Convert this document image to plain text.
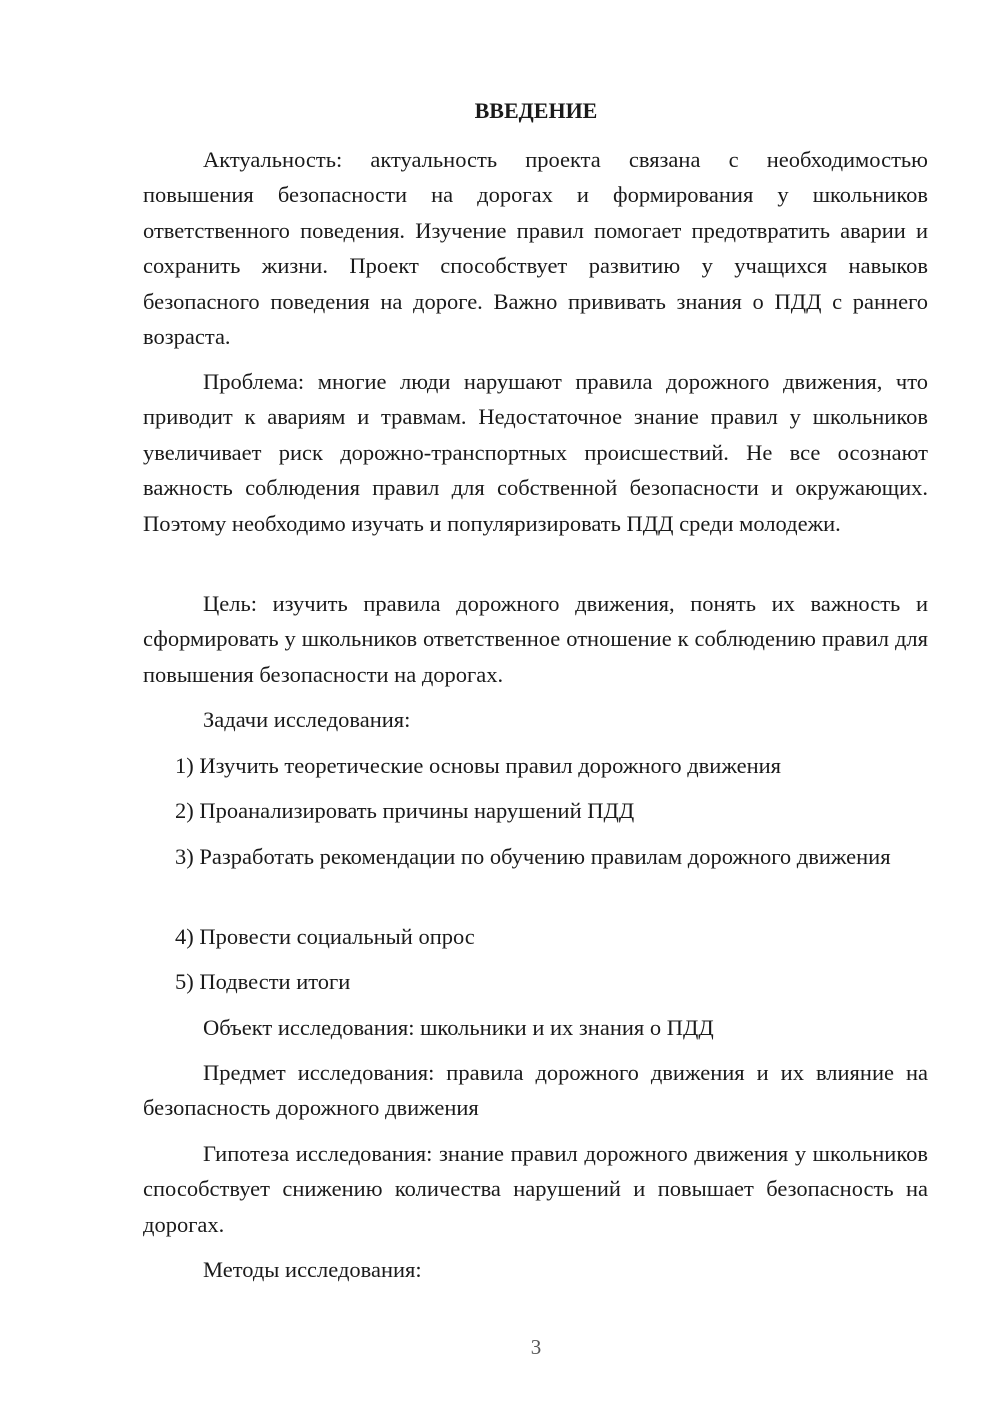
ВВЕДЕНИЕ

Актуальность: актуальность проекта связана с необходимостью повышения безопасности на дорогах и формирования у школьников ответственного поведения. Изучение правил помогает предотвратить аварии и сохранить жизни. Проект способствует развитию у учащихся навыков безопасного поведения на дороге. Важно прививать знания о ПДД с раннего возраста.

Проблема: многие люди нарушают правила дорожного движения, что приводит к авариям и травмам. Недостаточное знание правил у школьников увеличивает риск дорожно-транспортных происшествий. Не все осознают важность соблюдения правил для собственной безопасности и окружающих. Поэтому необходимо изучать и популяризировать ПДД среди молодежи.

Цель: изучить правила дорожного движения, понять их важность и сформировать у школьников ответственное отношение к соблюдению правил для повышения безопасности на дорогах.

Задачи исследования:

1) Изучить теоретические основы правил дорожного движения

2) Проанализировать причины нарушений ПДД

3) Разработать рекомендации по обучению правилам дорожного движения

4) Провести социальный опрос

5) Подвести итоги

Объект исследования: школьники и их знания о ПДД

Предмет исследования: правила дорожного движения и их влияние на безопасность дорожного движения

Гипотеза исследования: знание правил дорожного движения у школьников способствует снижению количества нарушений и повышает безопасность на дорогах.

Методы исследования:

3
